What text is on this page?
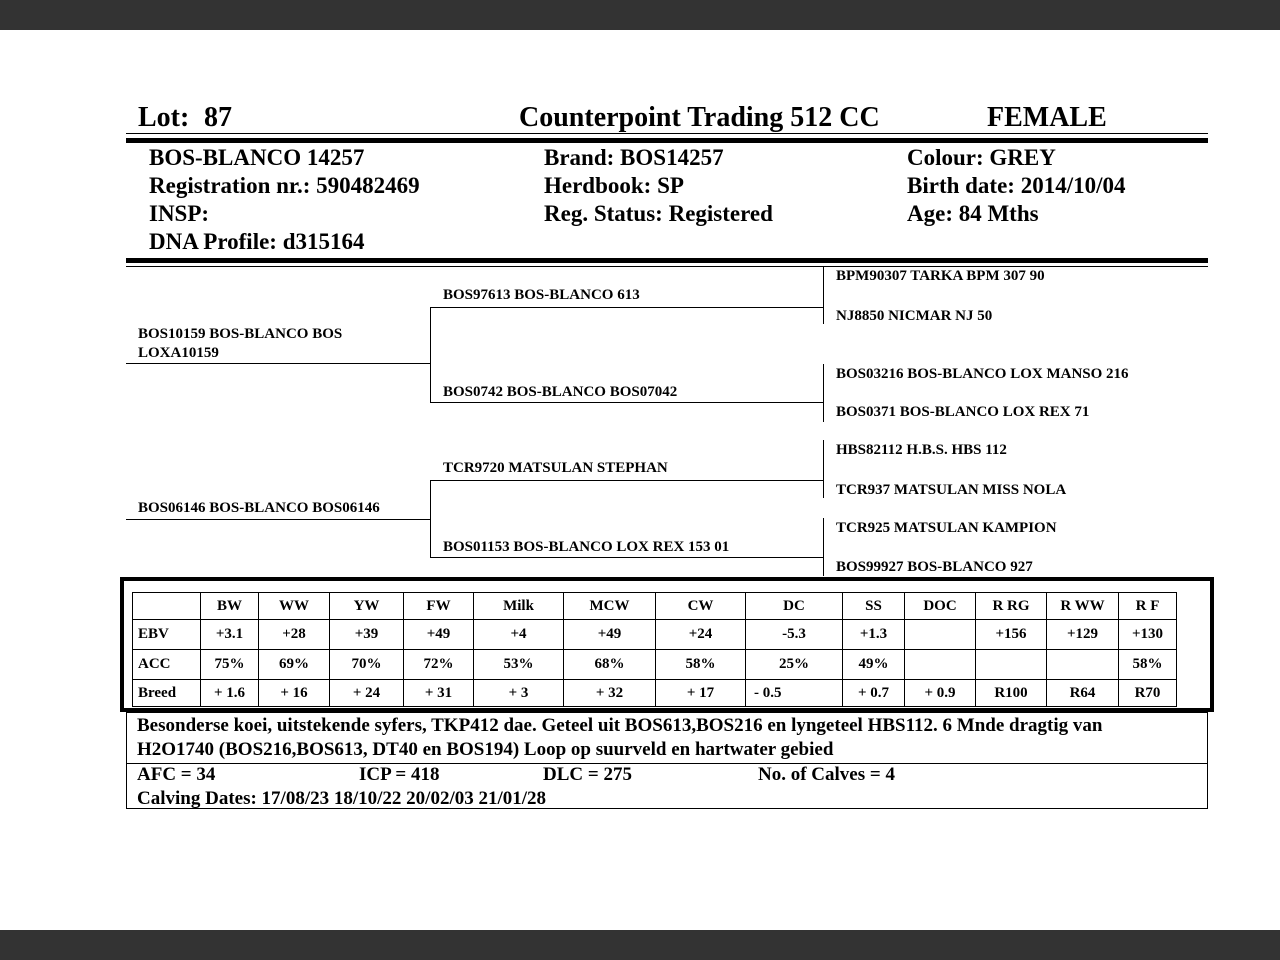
Lot: 87	Counterpoint Trading 512 CC	FEMALE
BOS-BLANCO 14257
Registration nr.: 590482469
INSP:
DNA Profile: d315164
Brand: BOS14257
Herdbook: SP
Reg. Status: Registered
Colour: GREY
Birth date: 2014/10/04
Age: 84 Mths
BOS10159 BOS-BLANCO BOS
LOXA10159
BOS06146 BOS-BLANCO BOS06146
BOS97613 BOS-BLANCO 613
BOS0742 BOS-BLANCO BOS07042
TCR9720 MATSULAN STEPHAN
BOS01153 BOS-BLANCO LOX REX 153 01
BPM90307 TARKA BPM 307 90
NJ8850 NICMAR NJ 50
BOS03216 BOS-BLANCO LOX MANSO 216
BOS0371 BOS-BLANCO LOX REX 71
HBS82112 H.B.S. HBS 112
TCR937 MATSULAN MISS NOLA
TCR925 MATSULAN KAMPION
BOS99927 BOS-BLANCO 927
	BW	WW	YW	FW	Milk	MCW	CW	DC	SS	DOC	R RG	R WW	R F
EBV	+3.1	+28	+39	+49	+4	+49	+24	-5.3	+1.3		+156	+129	+130
ACC	75%	69%	70%	72%	53%	68%	58%	25%	49%				58%
Breed	+ 1.6	+ 16	+ 24	+ 31	+ 3	+ 32	+ 17	- 0.5	+ 0.7	+ 0.9	R100	R64	R70
Besonderse koei, uitstekende syfers, TKP412 dae. Geteel uit BOS613,BOS216 en lyngeteel HBS112. 6 Mnde dragtig van
H2O1740 (BOS216,BOS613, DT40 en BOS194) Loop op suurveld en hartwater gebied
AFC = 34	ICP = 418	DLC = 275	No. of Calves = 4
Calving Dates: 17/08/23 18/10/22 20/02/03 21/01/28
